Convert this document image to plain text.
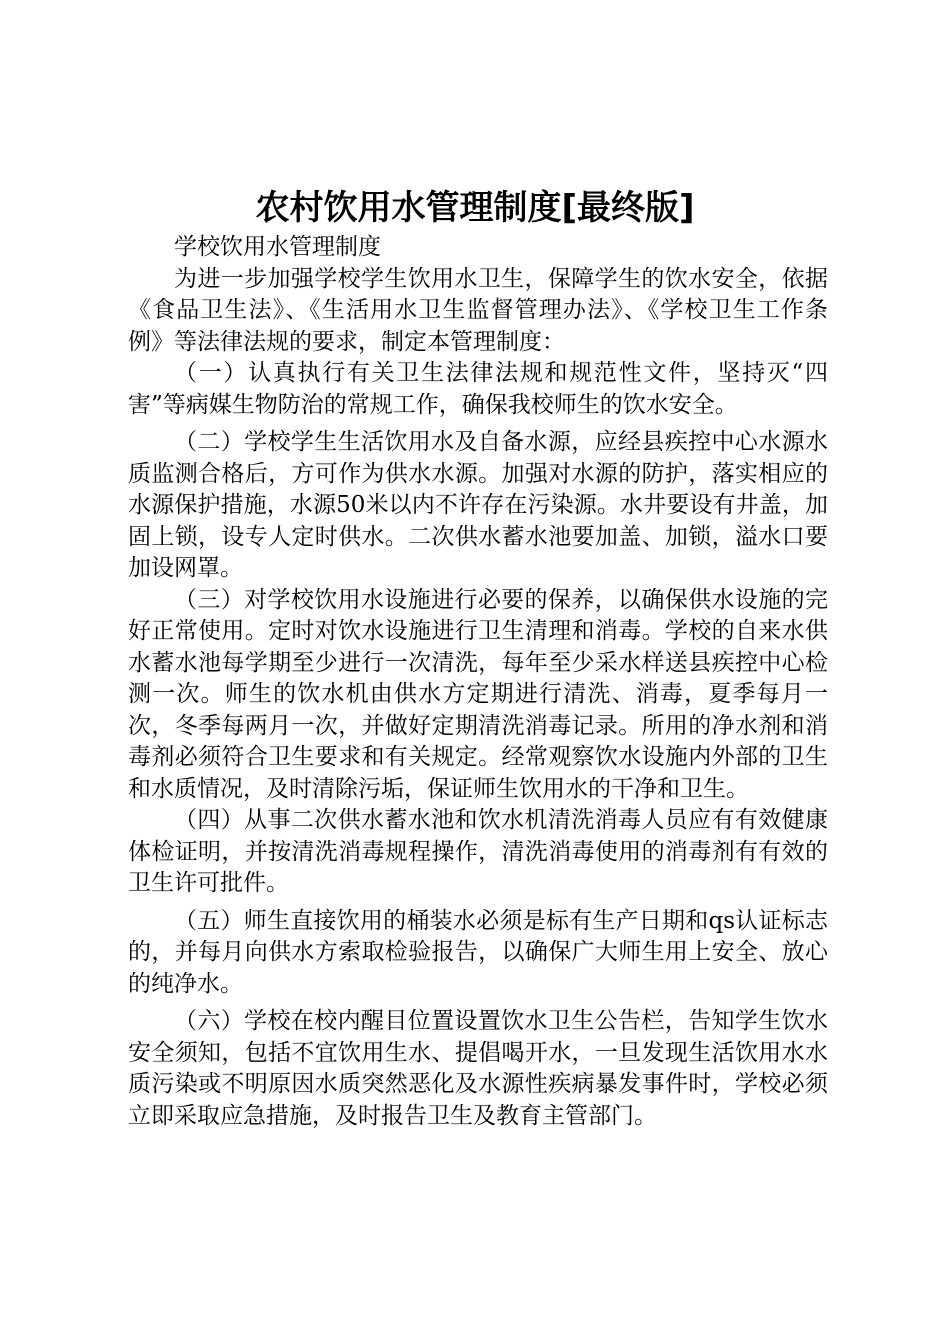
农村饮用水管理制度[最终版]

学校饮用水管理制度

为进一步加强学校学生饮用水卫生，保障学生的饮水安全，依据《食品卫生法》、《生活用水卫生监督管理办法》、《学校卫生工作条例》等法律法规的要求，制定本管理制度：

（一）认真执行有关卫生法律法规和规范性文件，坚持灭“四害”等病媒生物防治的常规工作，确保我校师生的饮水安全。

（二）学校学生生活饮用水及自备水源，应经县疾控中心水源水质监测合格后，方可作为供水水源。加强对水源的防护，落实相应的水源保护措施，水源50米以内不许存在污染源。水井要设有井盖，加固上锁，设专人定时供水。二次供水蓄水池要加盖、加锁，溢水口要加设网罩。

（三）对学校饮用水设施进行必要的保养，以确保供水设施的完好正常使用。定时对饮水设施进行卫生清理和消毒。学校的自来水供水蓄水池每学期至少进行一次清洗，每年至少采水样送县疾控中心检测一次。师生的饮水机由供水方定期进行清洗、消毒，夏季每月一次，冬季每两月一次，并做好定期清洗消毒记录。所用的净水剂和消毒剂必须符合卫生要求和有关规定。经常观察饮水设施内外部的卫生和水质情况，及时清除污垢，保证师生饮用水的干净和卫生。

（四）从事二次供水蓄水池和饮水机清洗消毒人员应有有效健康体检证明，并按清洗消毒规程操作，清洗消毒使用的消毒剂有有效的卫生许可批件。

（五）师生直接饮用的桶装水必须是标有生产日期和qs认证标志的，并每月向供水方索取检验报告，以确保广大师生用上安全、放心的纯净水。

（六）学校在校内醒目位置设置饮水卫生公告栏，告知学生饮水安全须知，包括不宜饮用生水、提倡喝开水，一旦发现生活饮用水水质污染或不明原因水质突然恶化及水源性疾病暴发事件时，学校必须立即采取应急措施，及时报告卫生及教育主管部门。
